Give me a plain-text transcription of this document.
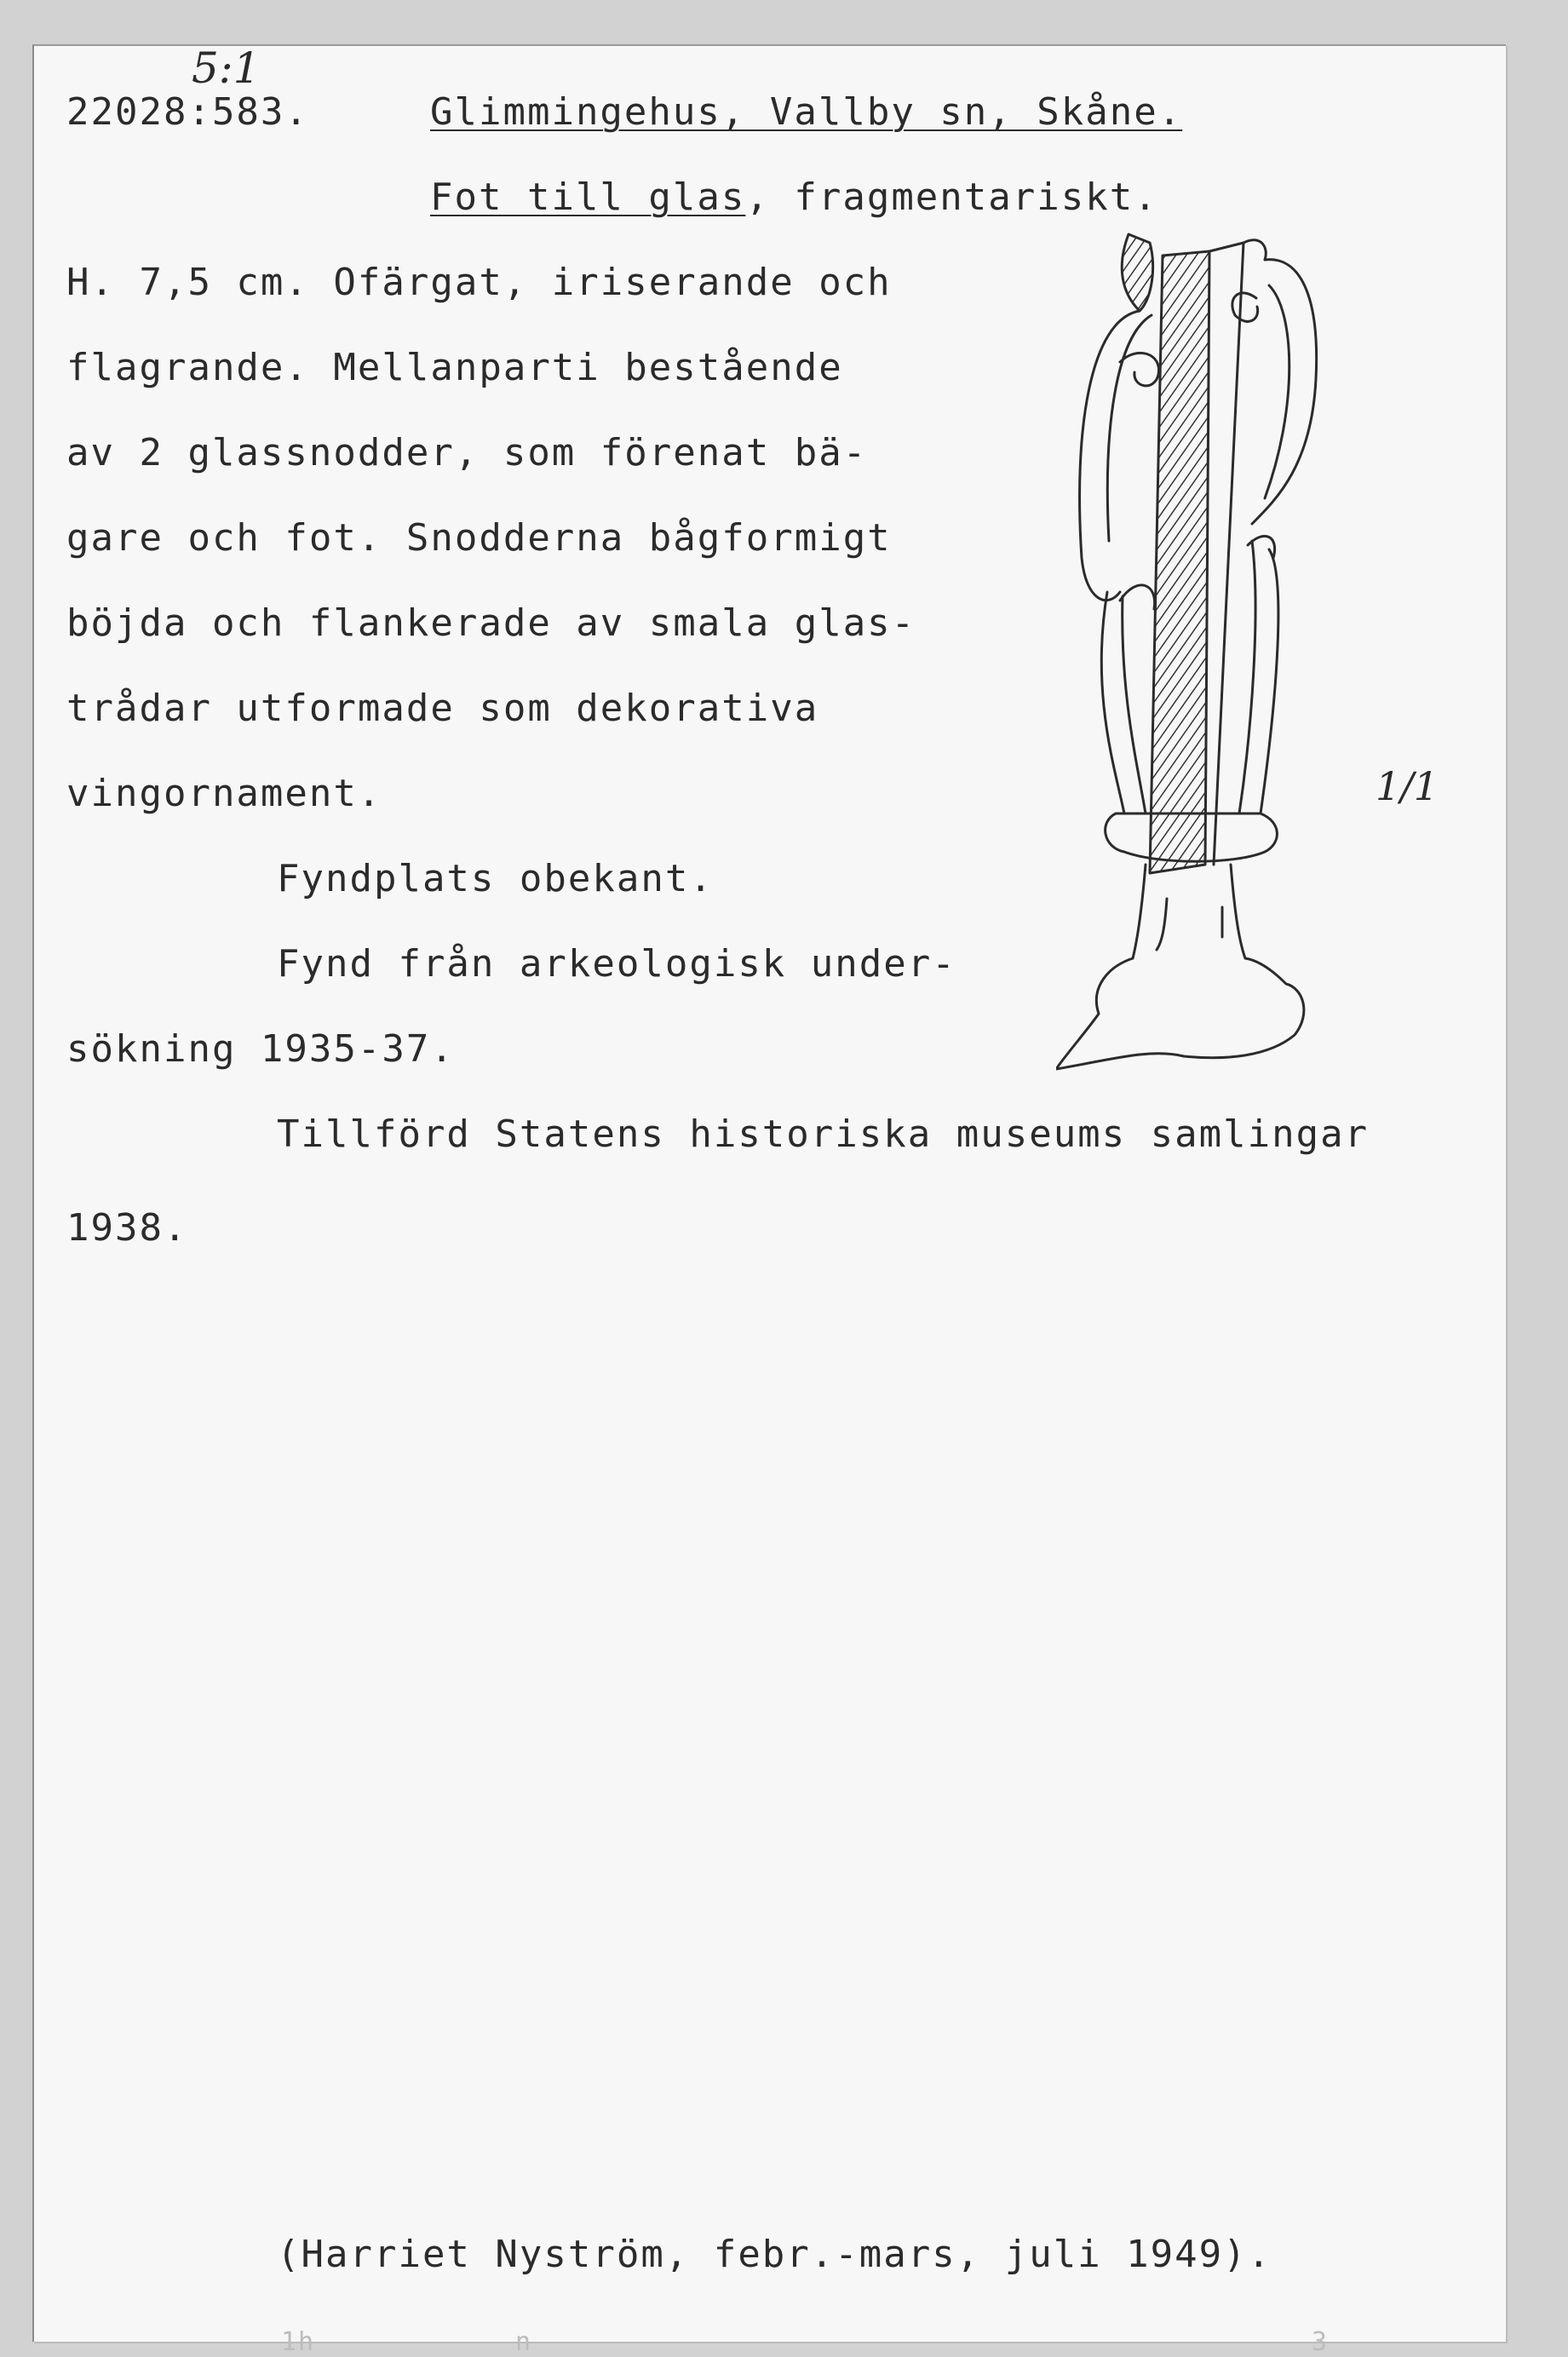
5:1
22028:583.	Glimmingehus, Vallby sn, Skåne.
Fot till glas, fragmentariskt.
H. 7,5 cm. Ofärgat, iriserande och
flagrande. Mellanparti bestående
av 2 glassnodder, som förenat bä-
gare och fot. Snodderna bågformigt
böjda och flankerade av smala glas-
trådar utformade som dekorativa
vingornament.
Fyndplats obekant.
Fynd från arkeologisk under-
sökning 1935-37.
Tillförd Statens historiska museums samlingar
1938.
1/1
(Harriet Nyström, febr.-mars, juli 1949).
1h	n	3
